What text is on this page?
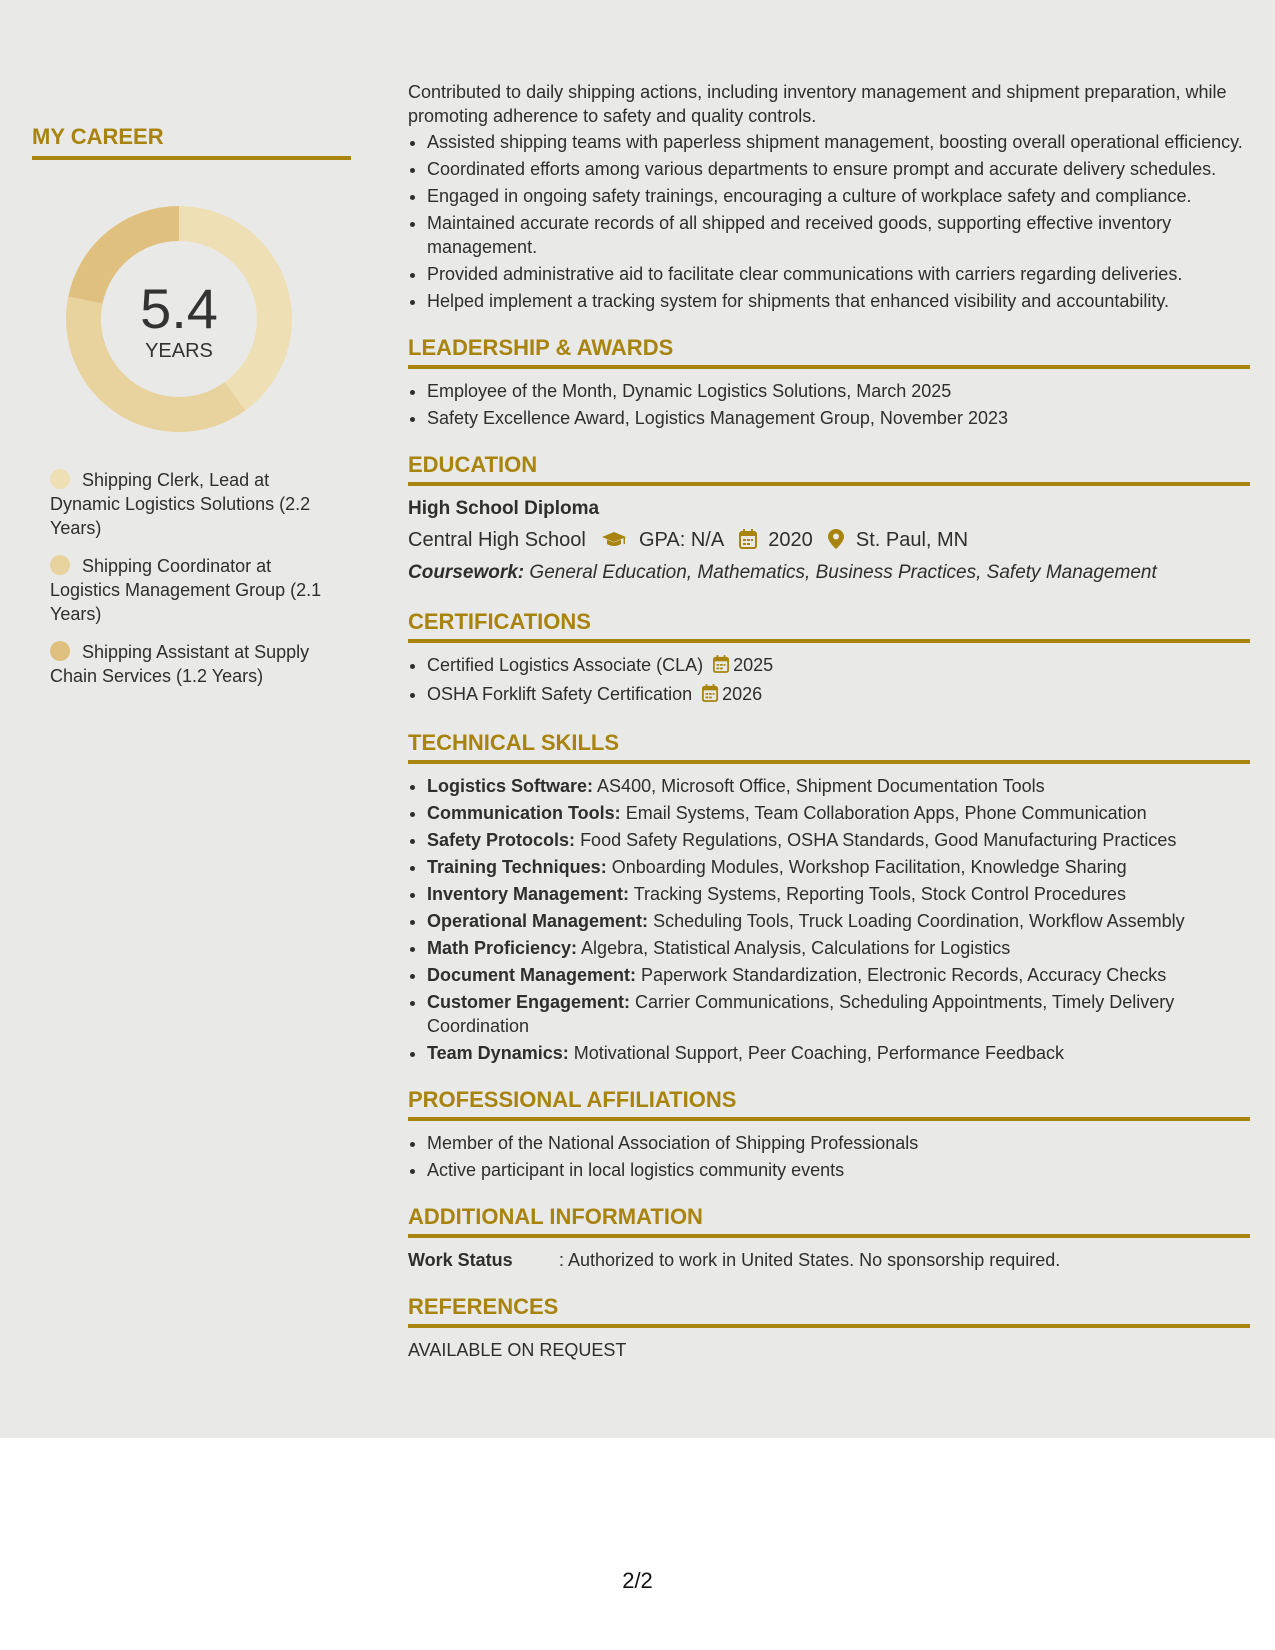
MY CAREER
5.4
YEARS
Shipping Clerk, Lead at Dynamic Logistics Solutions (2.2 Years)
Shipping Coordinator at Logistics Management Group (2.1 Years)
Shipping Assistant at Supply Chain Services (1.2 Years)

Contributed to daily shipping actions, including inventory management and shipment preparation, while promoting adherence to safety and quality controls.

• Assisted shipping teams with paperless shipment management, boosting overall operational efficiency.
• Coordinated efforts among various departments to ensure prompt and accurate delivery schedules.
• Engaged in ongoing safety trainings, encouraging a culture of workplace safety and compliance.
• Maintained accurate records of all shipped and received goods, supporting effective inventory management.
• Provided administrative aid to facilitate clear communications with carriers regarding deliveries.
• Helped implement a tracking system for shipments that enhanced visibility and accountability.
LEADERSHIP & AWARDS
• Employee of the Month, Dynamic Logistics Solutions, March 2025
• Safety Excellence Award, Logistics Management Group, November 2023
EDUCATION

High School Diploma

Central High School	GPA: N/A 2020 St. Paul, MN

Coursework: General Education, Mathematics, Business Practices, Safety Management

CERTIFICATIONS
• Certified Logistics Associate (CLA) 2025
• OSHA Forklift Safety Certification 2026
TECHNICAL SKILLS
• Logistics Software: AS400, Microsoft Office, Shipment Documentation Tools
• Communication Tools: Email Systems, Team Collaboration Apps, Phone Communication
• Safety Protocols: Food Safety Regulations, OSHA Standards, Good Manufacturing Practices
• Training Techniques: Onboarding Modules, Workshop Facilitation, Knowledge Sharing
• Inventory Management: Tracking Systems, Reporting Tools, Stock Control Procedures
• Operational Management: Scheduling Tools, Truck Loading Coordination, Workflow Assembly
• Math Proficiency: Algebra, Statistical Analysis, Calculations for Logistics
• Document Management: Paperwork Standardization, Electronic Records, Accuracy Checks
• Customer Engagement: Carrier Communications, Scheduling Appointments, Timely Delivery Coordination
• Team Dynamics: Motivational Support, Peer Coaching, Performance Feedback
PROFESSIONAL AFFILIATIONS
• Member of the National Association of Shipping Professionals
• Active participant in local logistics community events
ADDITIONAL INFORMATION
Work Status	: Authorized to work in United States. No sponsorship required.
REFERENCES

AVAILABLE ON REQUEST

2/2
